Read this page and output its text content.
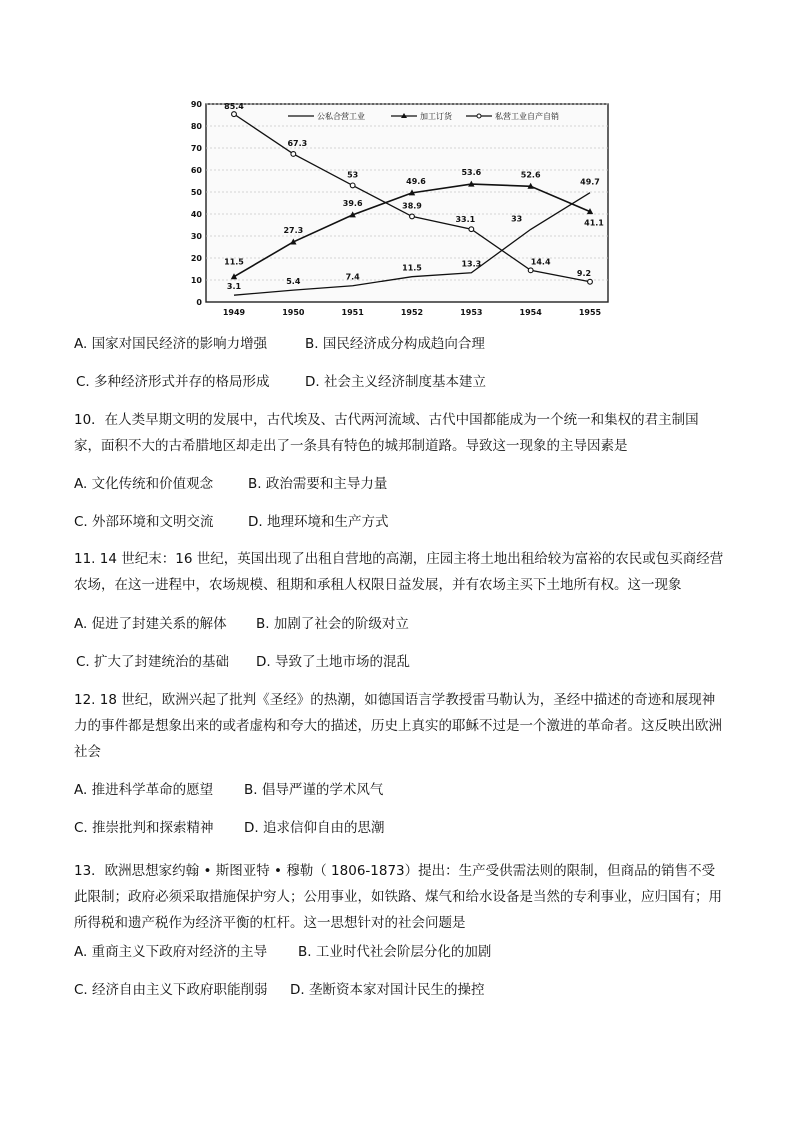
0
10
20
30
40
50
60
70
80
90
1949	1950	1951	1952	1953	1954	1955
3.1
5.4	7.4
11.5	13.3
33
49.7
11.5
27.3
39.6
49.6
53.6	52.6
41.1
85.4
67.3
53
38.9
33.1
14.4
9.2
公私合营工业	加工订货	私营工业自产自销
A. 国家对国民经济的影响力增强	B. 国民经济成分构成趋向合理
C. 多种经济形式并存的格局形成	D. 社会主义经济制度基本建立

10．在人类早期文明的发展中，古代埃及、古代两河流域、古代中国都能成为一个统一和集权的君主制国家，面积不大的古希腊地区却走出了一条具有特色的城邦制道路。导致这一现象的主导因素是

A. 文化传统和价值观念	B. 政治需要和主导力量
C. 外部环境和文明交流	D. 地理环境和生产方式

11. 14 世纪末：16 世纪，英国出现了出租自营地的高潮，庄园主将土地出租给较为富裕的农民或包买商经营农场，在这一进程中，农场规模、租期和承租人权限日益发展，并有农场主买下土地所有权。这一现象

A. 促进了封建关系的解体 B. 加剧了社会的阶级对立
C. 扩大了封建统治的基础 D. 导致了土地市场的混乱

12. 18 世纪，欧洲兴起了批判《圣经》的热潮，如德国语言学教授雷马勒认为，圣经中描述的奇迹和展现神力的事件都是想象出来的或者虚构和夸大的描述，历史上真实的耶稣不过是一个激进的革命者。这反映出欧洲社会

A. 推进科学革命的愿望 B. 倡导严谨的学术风气
C. 推崇批判和探索精神 D. 追求信仰自由的思潮

13．欧洲思想家约翰 • 斯图亚特 • 穆勒（ 1806-1873）提出：生产受供需法则的限制，但商品的销售不受此限制；政府必须采取措施保护穷人；公用事业，如铁路、煤气和给水设备是当然的专利事业，应归国有；用所得税和遗产税作为经济平衡的杠杆。这一思想针对的社会问题是

A. 重商主义下政府对经济的主导 B. 工业时代社会阶层分化的加剧
C. 经济自由主义下政府职能削弱 D. 垄断资本家对国计民生的操控
